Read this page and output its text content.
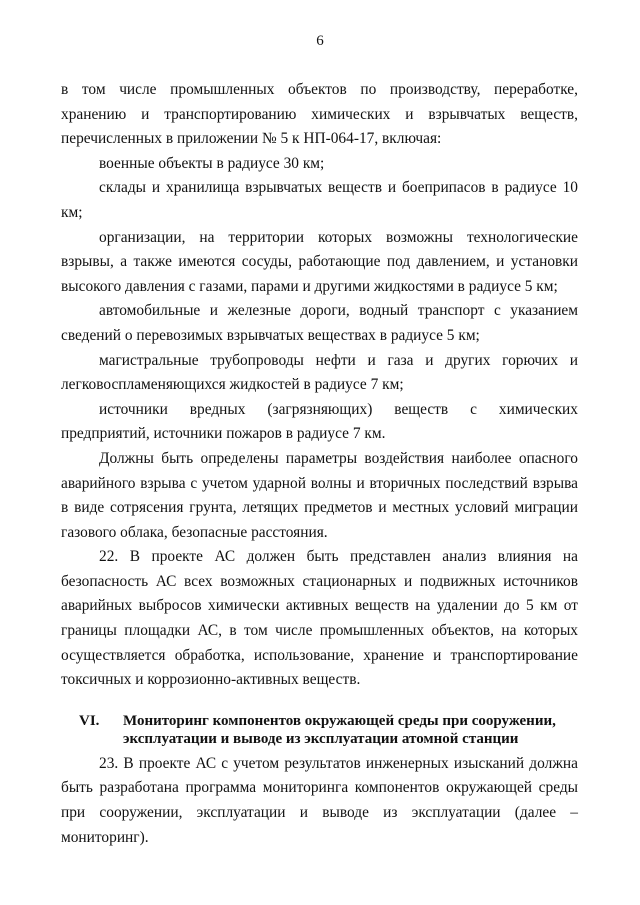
6

в том числе промышленных объектов по производству, переработке, хранению и транспортированию химических и взрывчатых веществ, перечисленных в приложении № 5 к НП-064-17, включая:

военные объекты в радиусе 30 км;

склады и хранилища взрывчатых веществ и боеприпасов в радиусе 10 км;

организации, на территории которых возможны технологические взрывы, а также имеются сосуды, работающие под давлением, и установки высокого давления с газами, парами и другими жидкостями в радиусе 5 км;

автомобильные и железные дороги, водный транспорт с указанием сведений о перевозимых взрывчатых веществах в радиусе 5 км;

магистральные трубопроводы нефти и газа и других горючих и легковоспламеняющихся жидкостей в радиусе 7 км;

источники вредных (загрязняющих) веществ с химических предприятий, источники пожаров в радиусе 7 км.

Должны быть определены параметры воздействия наиболее опасного аварийного взрыва с учетом ударной волны и вторичных последствий взрыва в виде сотрясения грунта, летящих предметов и местных условий миграции газового облака, безопасные расстояния.

22. В проекте АС должен быть представлен анализ влияния на безопасность АС всех возможных стационарных и подвижных источников аварийных выбросов химически активных веществ на удалении до 5 км от границы площадки АС, в том числе промышленных объектов, на которых осуществляется обработка, использование, хранение и транспортирование токсичных и коррозионно-активных веществ.

VI. Мониторинг компонентов окружающей среды при сооружении,
эксплуатации и выводе из эксплуатации атомной станции

23. В проекте АС с учетом результатов инженерных изысканий должна быть разработана программа мониторинга компонентов окружающей среды при сооружении, эксплуатации и выводе из эксплуатации (далее – мониторинг).
